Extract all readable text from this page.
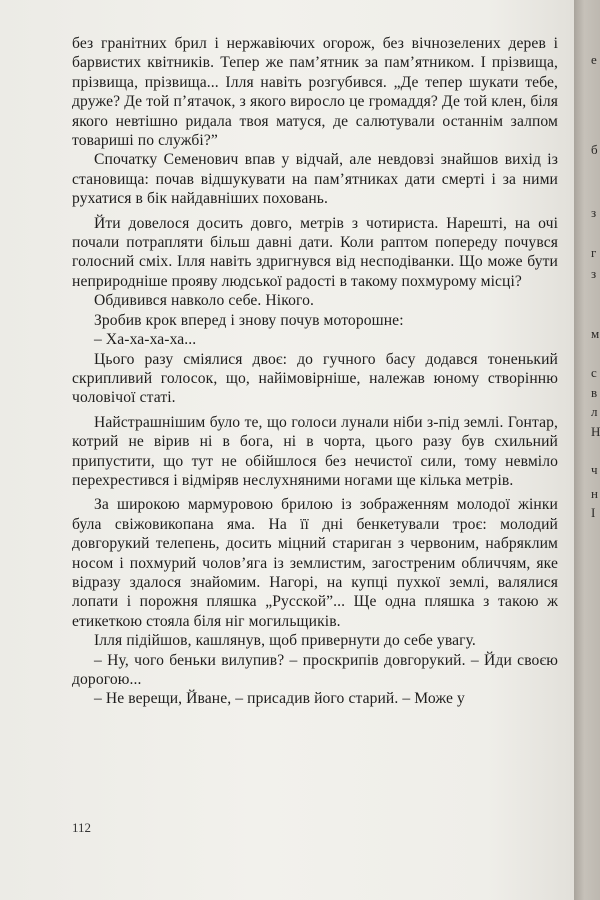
без гранітних брил і нержавіючих огорож, без вічнозелених дерев і барвистих квітників. Тепер же пам’ятник за пам’ятником. І прізвища, прізвища, прізвища... Ілля навіть розгубився. „Де тепер шукати тебе, друже? Де той п’ятачок, з якого виросло це громаддя? Де той клен, біля якого невтішно ридала твоя матуся, де салютували останнім залпом товариші по службі?”

Спочатку Семенович впав у відчай, але невдовзі знайшов вихід із становища: почав відшукувати на пам’ятниках дати смерті і за ними рухатися в бік найдавніших поховань.

Йти довелося досить довго, метрів з чотириста. Нарешті, на очі почали потрапляти більш давні дати. Коли раптом попереду почувся голосний сміх. Ілля навіть здригнувся від несподіванки. Що може бути неприродніше прояву людської радості в такому похмурому місці?

Обдивився навколо себе. Нікого.

Зробив крок вперед і знову почув моторошне:

– Ха-ха-ха-ха...

Цього разу сміялися двоє: до гучного басу додався тоненький скрипливий голосок, що, найімовірніше, належав юному створінню чоловічої статі.

Найстрашнішим було те, що голоси лунали ніби з-під землі. Гонтар, котрий не вірив ні в бога, ні в чорта, цього разу був схильний припустити, що тут не обійшлося без нечистої сили, тому невміло перехрестився і відміряв неслухняними ногами ще кілька метрів.

За широкою мармуровою брилою із зображенням молодої жінки була свіжовикопана яма. На її дні бенкетували троє: молодий довгорукий телепень, досить міцний стариган з червоним, набряклим носом і похмурий чолов’яга із землистим, загостреним обличчям, яке відразу здалося знайомим. Нагорі, на купці пухкої землі, валялися лопати і порожня пляшка „Русской”... Ще одна пляшка з такою ж етикеткою стояла біля ніг могильщиків.

Ілля підійшов, кашлянув, щоб привернути до себе увагу.

– Ну, чого беньки вилупив? – проскрипів довгорукий. – Йди своєю дорогою...

– Не верещи, Йване, – присадив його старий. – Може у

112
е
б
з
г
з
м
с
в
л
Н
ч
н
І
